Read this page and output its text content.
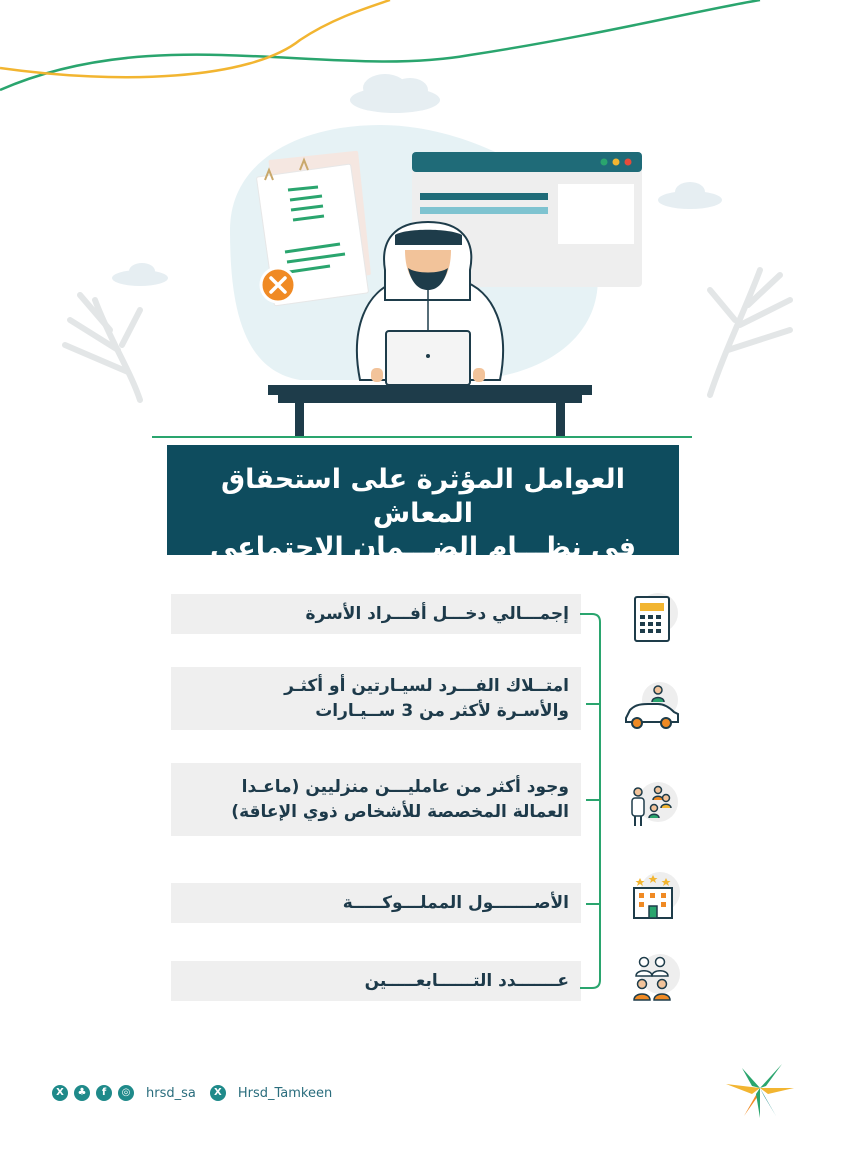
العوامل المؤثرة على استحقاق المعاش
في نظـــام الضـــمان الاجتماعي
إجمـــالي دخـــل أفـــراد الأسرة
امتــلاك الفـــرد لسيـارتين أو أكثـر
والأسـرة لأكثر من 3 ســيـارات
وجود أكثر من عامليـــن منزليين (ماعـدا
العمالة المخصصة للأشخاص ذوي الإعاقة)
الأصـــــــول المملـــوكـــــة
عـــــــدد التــــــابعـــــين
X	♣	f	◎ hrsd_sa	X	Hrsd_Tamkeen
